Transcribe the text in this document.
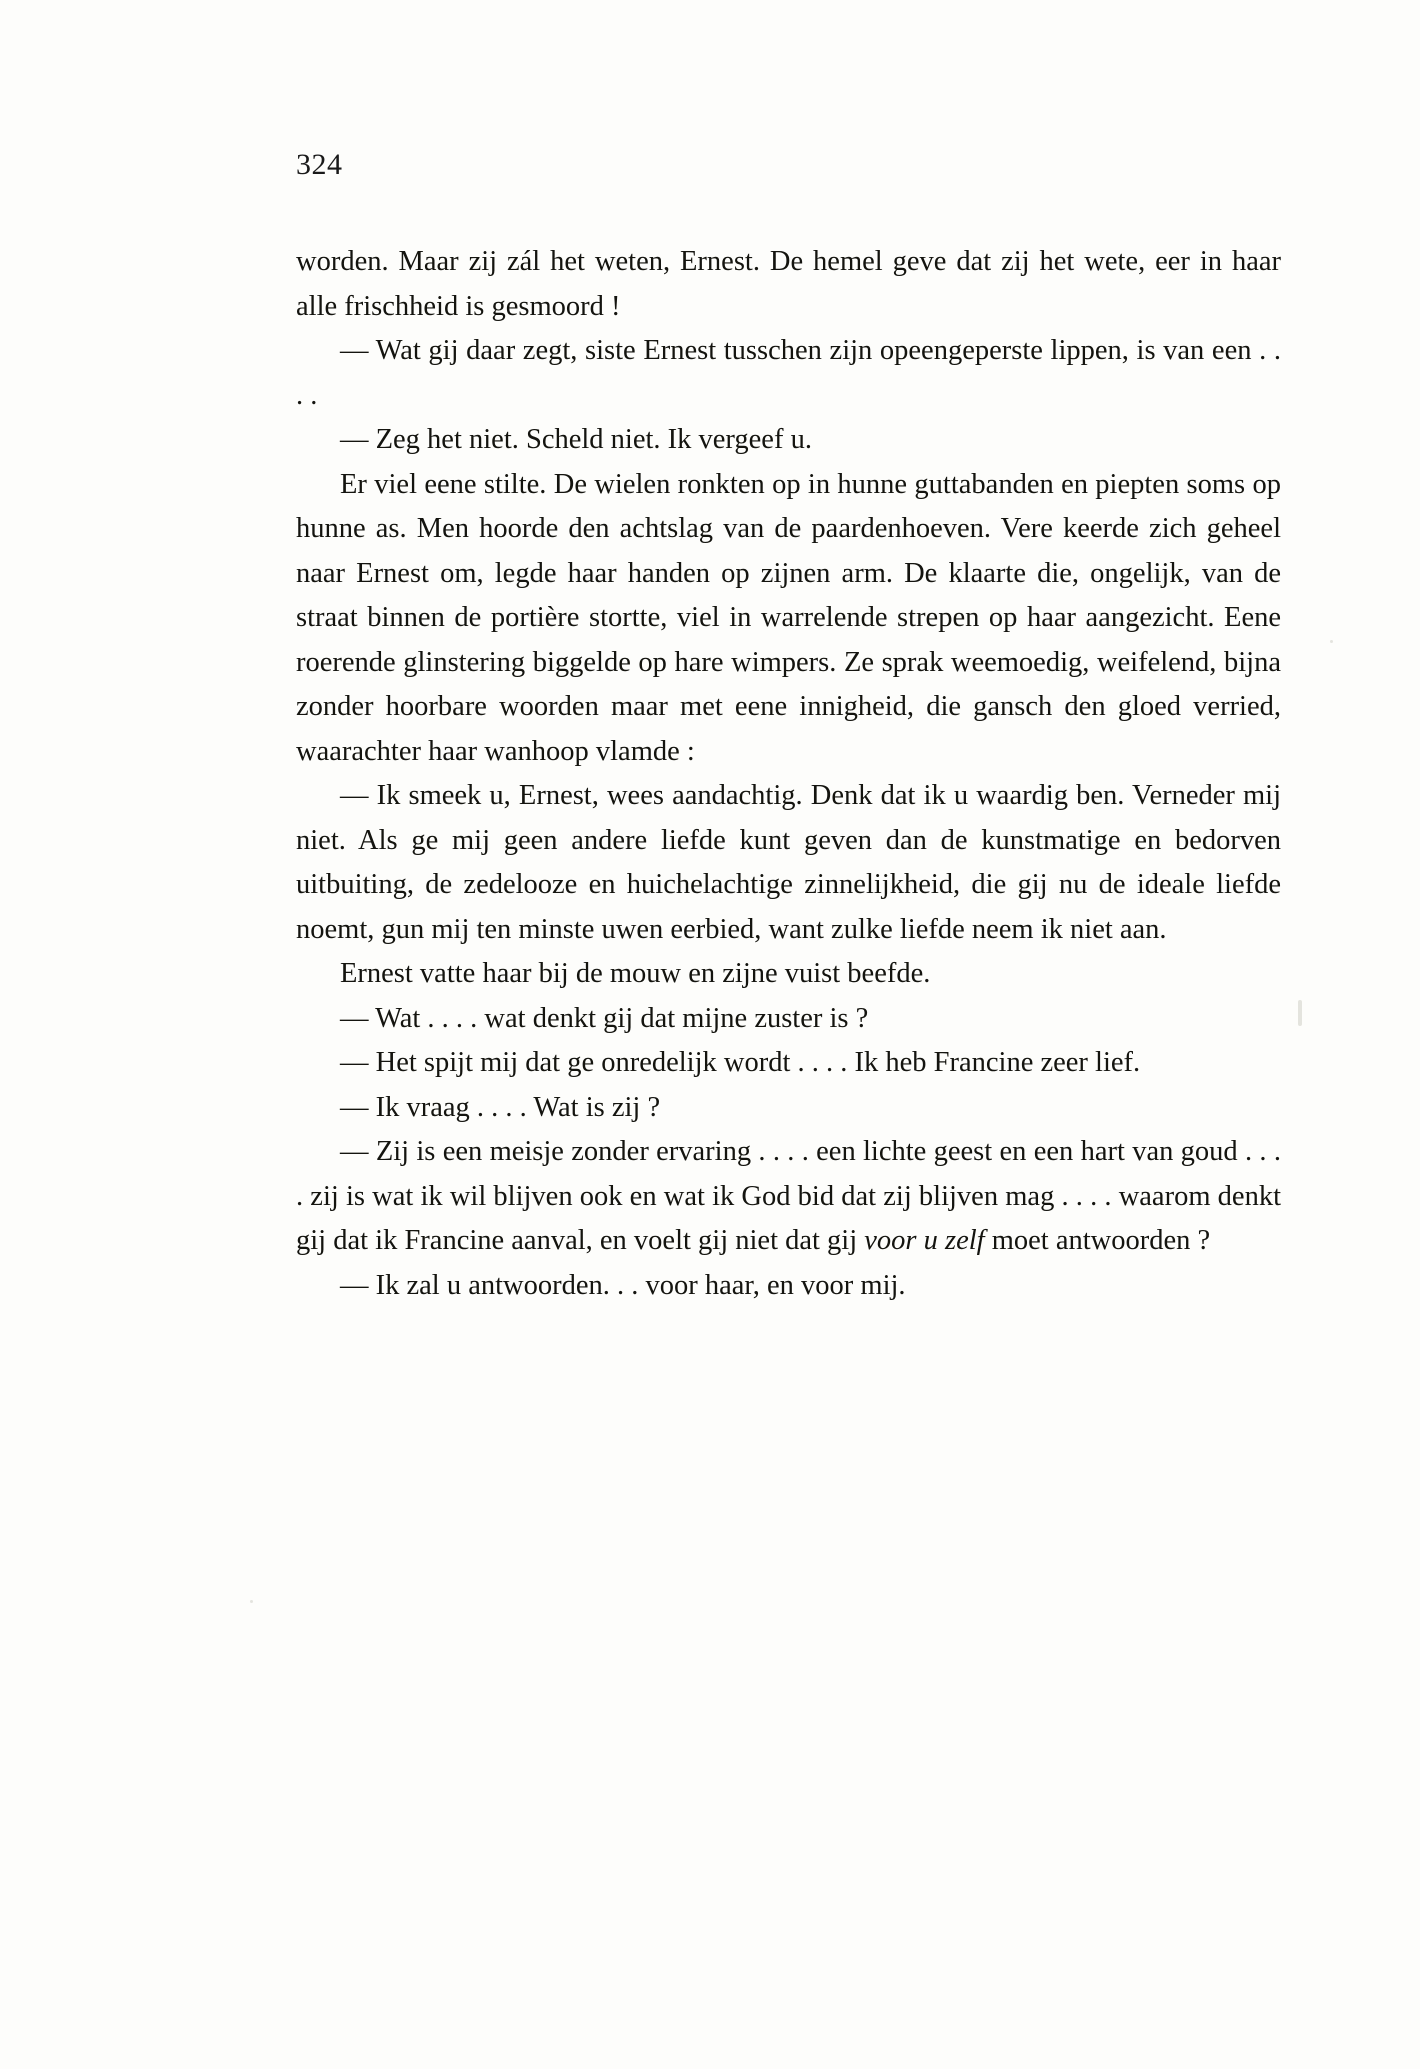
324

worden. Maar zij zál het weten, Ernest. De hemel geve dat zij het wete, eer in haar alle frischheid is gesmoord !

— Wat gij daar zegt, siste Ernest tusschen zijn opeengeperste lippen, is van een . . . .

— Zeg het niet. Scheld niet. Ik vergeef u.

Er viel eene stilte. De wielen ronkten op in hunne guttabanden en piepten soms op hunne as. Men hoorde den achtslag van de paardenhoeven. Vere keerde zich geheel naar Ernest om, legde haar handen op zijnen arm. De klaarte die, ongelijk, van de straat binnen de portière stortte, viel in warrelende strepen op haar aangezicht. Eene roerende glinstering biggelde op hare wimpers. Ze sprak weemoedig, weifelend, bijna zonder hoorbare woorden maar met eene innigheid, die gansch den gloed verried, waarachter haar wanhoop vlamde :

— Ik smeek u, Ernest, wees aandachtig. Denk dat ik u waardig ben. Verneder mij niet. Als ge mij geen andere liefde kunt geven dan de kunstmatige en bedorven uitbuiting, de zedelooze en huichelachtige zinnelijkheid, die gij nu de ideale liefde noemt, gun mij ten minste uwen eerbied, want zulke liefde neem ik niet aan.

Ernest vatte haar bij de mouw en zijne vuist beefde.

— Wat . . . . wat denkt gij dat mijne zuster is ?

— Het spijt mij dat ge onredelijk wordt . . . . Ik heb Francine zeer lief.

— Ik vraag . . . . Wat is zij ?

— Zij is een meisje zonder ervaring . . . . een lichte geest en een hart van goud . . . . zij is wat ik wil blijven ook en wat ik God bid dat zij blijven mag . . . . waarom denkt gij dat ik Francine aanval, en voelt gij niet dat gij voor u zelf moet antwoorden ?

— Ik zal u antwoorden. . . voor haar, en voor mij.
